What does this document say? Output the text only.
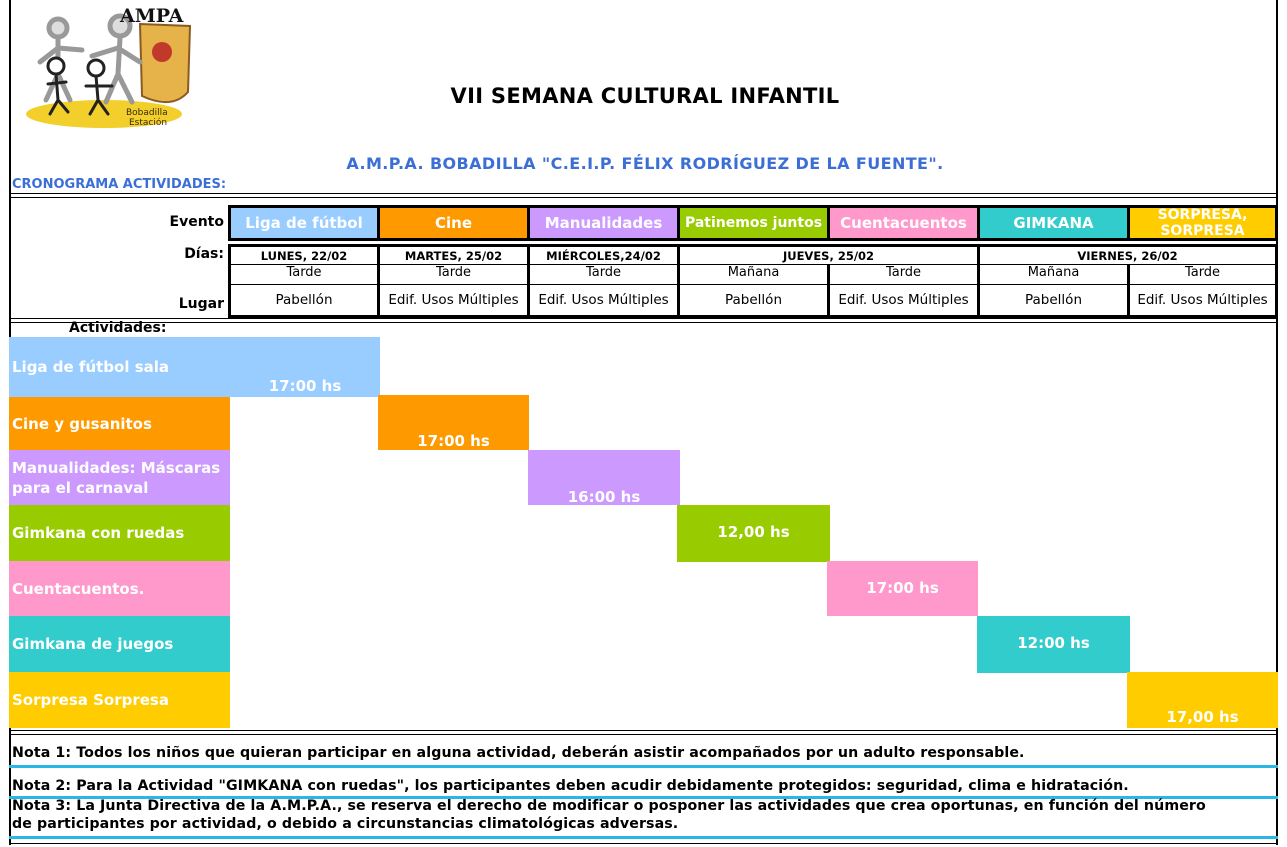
AMPA
Bobadilla
Estación
VII SEMANA CULTURAL INFANTIL
A.M.P.A. BOBADILLA "C.E.I.P. FÉLIX RODRÍGUEZ DE LA FUENTE".
CRONOGRAMA ACTIVIDADES:
Evento
Días:
Lugar
Liga de fútbol	Cine	Manualidades	Patinemos juntos	Cuentacuentos	GIMKANA	SORPRESA, SORPRESA
LUNES, 22/02	MARTES, 25/02	MIÉRCOLES,24/02	JUEVES, 25/02	VIERNES, 26/02
Tarde	Tarde	Tarde	Mañana	Tarde	Mañana	Tarde
Pabellón	Edif. Usos Múltiples	Edif. Usos Múltiples	Pabellón	Edif. Usos Múltiples	Pabellón	Edif. Usos Múltiples
Actividades:
Liga de fútbol sala
17:00 hs
Cine y gusanitos
17:00 hs
Manualidades: Máscaras para el carnaval
16:00 hs
Gimkana con ruedas	12,00 hs
Cuentacuentos.	17:00 hs
Gimkana de juegos	12:00 hs
Sorpresa Sorpresa
17,00 hs
Nota 1: Todos los niños que quieran participar en alguna actividad, deberán asistir acompañados por un adulto responsable.
Nota 2: Para la Actividad "GIMKANA con ruedas", los participantes deben acudir debidamente protegidos: seguridad, clima e hidratación.
Nota 3: La Junta Directiva de la A.M.P.A., se reserva el derecho de modificar o posponer las actividades que crea oportunas, en función del número
de participantes por actividad, o debido a circunstancias climatológicas adversas.
